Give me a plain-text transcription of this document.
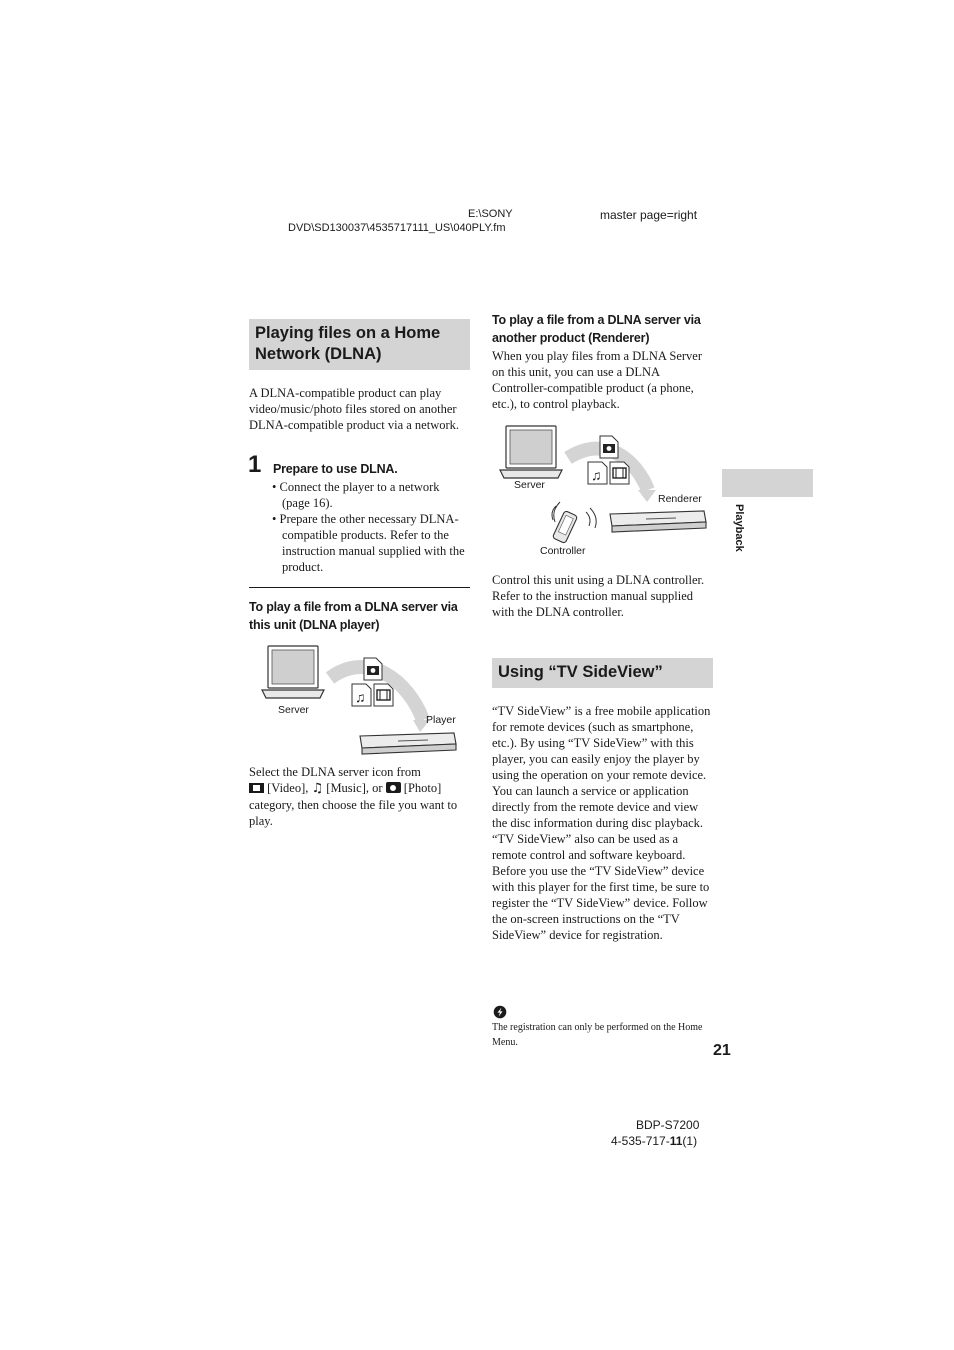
E:\SONY
DVD\SD130037\4535717111_US\040PLY.fm
master page=right
Playback
Playing files on a Home Network (DLNA)
A DLNA-compatible product can play video/music/photo files stored on another DLNA-compatible product via a network.
1 Prepare to use DLNA.
• Connect the player to a network (page 16).
• Prepare the other necessary DLNA-compatible products. Refer to the instruction manual supplied with the product.
To play a file from a DLNA server via this unit (DLNA player)
Server
♫
Player
Select the DLNA server icon from
[Video], ♫ [Music], or [Photo] category, then choose the file you want to play.
To play a file from a DLNA server via another product (Renderer)
When you play files from a DLNA Server on this unit, you can use a DLNA Controller-compatible product (a phone, etc.), to control playback.
Server
♫
Renderer
Controller
Control this unit using a DLNA controller. Refer to the instruction manual supplied with the DLNA controller.
Using “TV SideView”
“TV SideView” is a free mobile application for remote devices (such as smartphone, etc.). By using “TV SideView” with this player, you can easily enjoy the player by using the operation on your remote device. You can launch a service or application directly from the remote device and view the disc information during disc playback. “TV SideView” also can be used as a remote control and software keyboard.
Before you use the “TV SideView” device with this player for the first time, be sure to register the “TV SideView” device. Follow the on-screen instructions on the “TV SideView” device for registration.
The registration can only be performed on the Home Menu.	21
BDP-S7200
4-535-717-11(1)
